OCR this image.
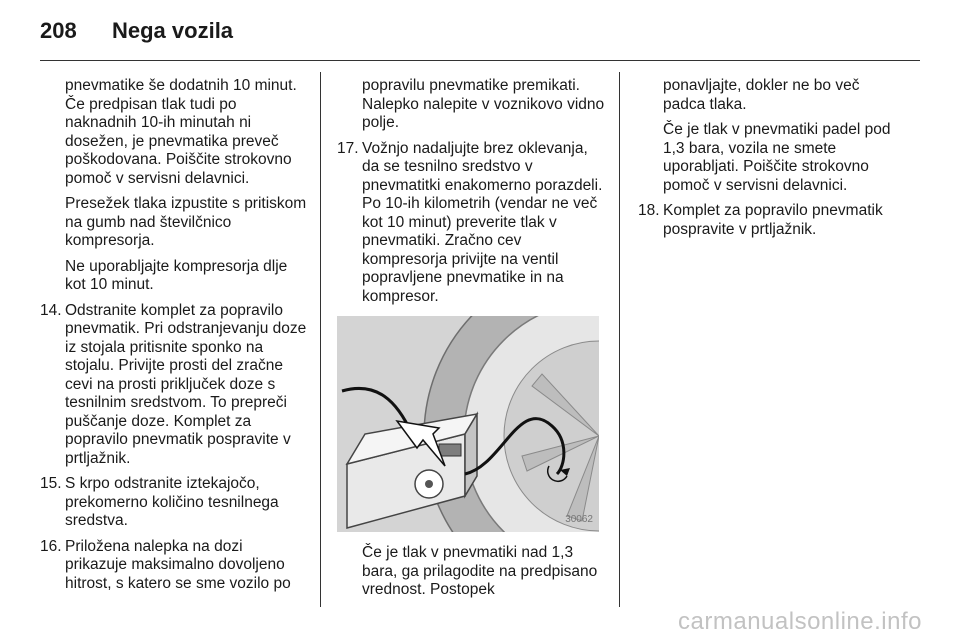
208	Nega vozila

pnevmatike še dodatnih 10 minut. Če predpisan tlak tudi po naknadnih 10-ih minutah ni dosežen, je pnevmatika preveč poškodovana. Poiščite strokovno pomoč v servisni delavnici.

Presežek tlaka izpustite s pritiskom na gumb nad številčnico kompresorja.

Ne uporabljajte kompresorja dlje kot 10 minut.

14. Odstranite komplet za popravilo pnevmatik. Pri odstranjevanju doze iz stojala pritisnite sponko na stojalu. Privijte prosti del zračne cevi na prosti priključek doze s tesnilnim sredstvom. To prepreči puščanje doze. Komplet za popravilo pnevmatik pospravite v prtljažnik.
15. S krpo odstranite iztekajočo, prekomerno količino tesnilnega sredstva.
16. Priložena nalepka na dozi prikazuje maksimalno dovoljeno hitrost, s katero se sme vozilo po

popravilu pnevmatike premikati. Nalepko nalepite v voznikovo vidno polje.

17. Vožnjo nadaljujte brez oklevanja, da se tesnilno sredstvo v pnevmatitki enakomerno porazdeli. Po 10-ih kilometrih (vendar ne več kot 10 minut) preverite tlak v pnevmatiki. Zračno cev kompresorja privijte na ventil popravljene pnevmatike in na kompresor.
30062

Če je tlak v pnevmatiki nad 1,3 bara, ga prilagodite na predpisano vrednost. Postopek

ponavljajte, dokler ne bo več padca tlaka.

Če je tlak v pnevmatiki padel pod 1,3 bara, vozila ne smete uporabljati. Poiščite strokovno pomoč v servisni delavnici.

18. Komplet za popravilo pnevmatik pospravite v prtljažnik.
carmanualsonline.info
